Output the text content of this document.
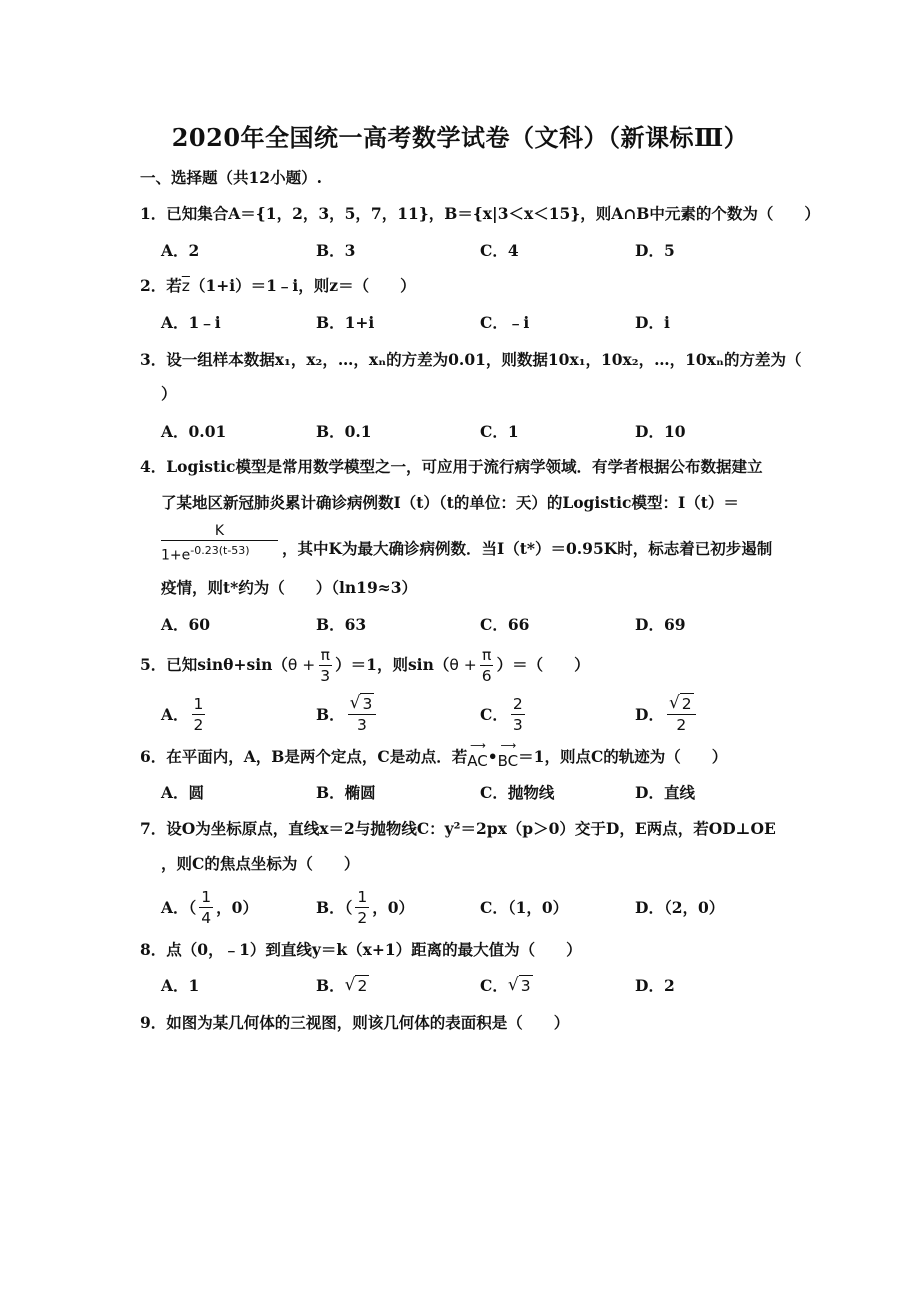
2020年全国统一高考数学试卷（文科）（新课标Ⅲ）
一、选择题（共12小题）.
1．已知集合A＝{1，2，3，5，7，11}，B＝{x|3＜x＜15}，则A∩B中元素的个数为（　　）
A．2	B．3	C．4	D．5
2．若$\overline{z}(1+i)=1﹣i$，则z＝（　　）
A．1﹣i	B．1+i	C．﹣i	D．i
3．设一组样本数据x₁，x₂，…，xₙ的方差为0.01，则数据10x₁，10x₂，…，10xₙ的方差为（
）
A．0.01	B．0.1	C．1	D．10
4．Logistic模型是常用数学模型之一，可应用于流行病学领域．有学者根据公布数据建立
了某地区新冠肺炎累计确诊病例数I（t）（t的单位：天）的Logistic模型：I（t）＝
K
$1+e^{-0.23(t-53)}$	，其中K为最大确诊病例数．当I（t*）＝0.95K时，标志着已初步遏制
疫情，则t*约为（　　）（ln19≈3）
A．60	B．63	C．66	D．69
5．已知sinθ+sin（ $\theta + \frac{\pi}{3} )=1$，则sin（ $\theta + \frac{\pi}{6}$ ）＝（　　）
A． $\frac{1}{2}$	B． $\frac{√ 3}{3}$	C． $\frac{2}{3}$	D． $\frac{√ 2}{2}$
6．在平面内，A，B是两个定点，C是动点．若
⟶
AC •
⟶
BC ＝1，则点C的轨迹为（　　）
A．圆	B．椭圆	C．抛物线	D．直线
7．设O为坐标原点，直线x＝2与抛物线C：y²＝2px（p＞0）交于D，E两点，若OD⊥OE
，则C的焦点坐标为（　　）
A．（ $\frac{1}{4}$ ，0）	B．（ $\frac{1}{2}$ ，0）	C．（1，0）	D．（2，0）
8．点（0，﹣1）到直线y＝k（x+1）距离的最大值为（　　）
A．1	B． √ 2	C． √ 3	D．2
9．如图为某几何体的三视图，则该几何体的表面积是（　　）
